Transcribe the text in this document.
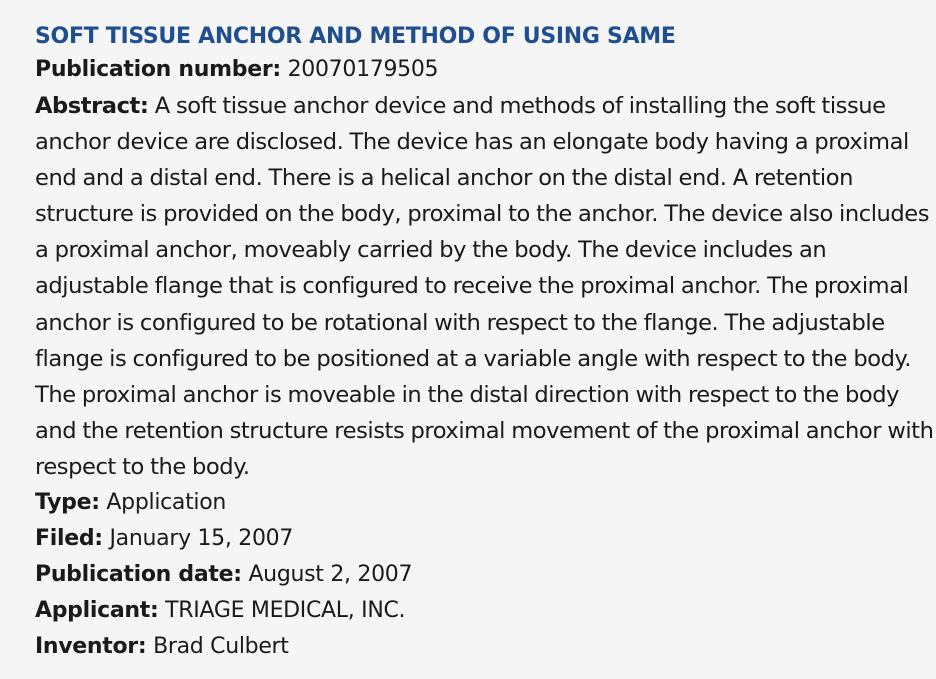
SOFT TISSUE ANCHOR AND METHOD OF USING SAME

Publication number: 20070179505

Abstract: A soft tissue anchor device and methods of installing the soft tissue anchor device are disclosed. The device has an elongate body having a proximal end and a distal end. There is a helical anchor on the distal end. A retention structure is provided on the body, proximal to the anchor. The device also includes a proximal anchor, moveably carried by the body. The device includes an adjustable flange that is configured to receive the proximal anchor. The proximal anchor is configured to be rotational with respect to the flange. The adjustable flange is configured to be positioned at a variable angle with respect to the body. The proximal anchor is moveable in the distal direction with respect to the body and the retention structure resists proximal movement of the proximal anchor with respect to the body.

Type: Application

Filed: January 15, 2007

Publication date: August 2, 2007

Applicant: TRIAGE MEDICAL, INC.

Inventor: Brad Culbert
